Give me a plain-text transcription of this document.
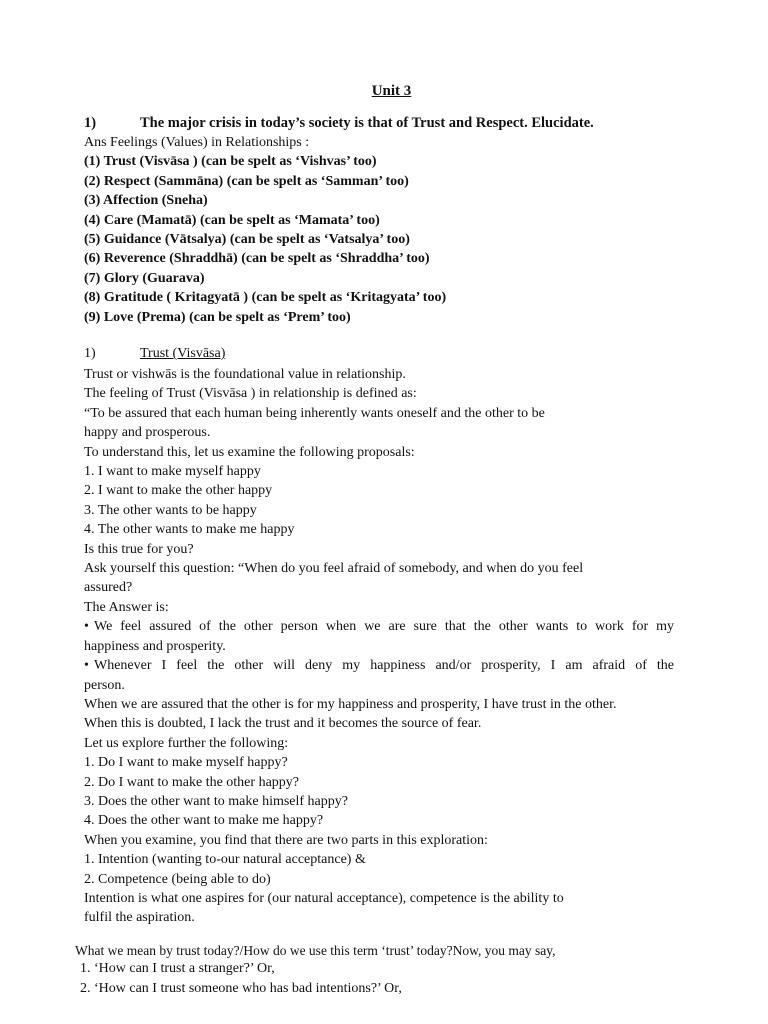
Unit 3
1)	The major crisis in today’s society is that of Trust and Respect. Elucidate.
Ans Feelings (Values) in Relationships :
(1) Trust (Visvāsa ) (can be spelt as ‘Vishvas’ too)
(2) Respect (Sammāna) (can be spelt as ‘Samman’ too)
(3) Affection (Sneha)
(4) Care (Mamatā) (can be spelt as ‘Mamata’ too)
(5) Guidance (Vātsalya) (can be spelt as ‘Vatsalya’ too)
(6) Reverence (Shraddhā) (can be spelt as ‘Shraddha’ too)
(7) Glory (Guarava)
(8) Gratitude ( Kritagyatā ) (can be spelt as ‘Kritagyata’ too)
(9) Love (Prema) (can be spelt as ‘Prem’ too)
1)	Trust (Visvāsa)
Trust or vishwās is the foundational value in relationship.
The feeling of Trust (Visvāsa ) in relationship is defined as:
“To be assured that each human being inherently wants oneself and the other to be
happy and prosperous.
To understand this, let us examine the following proposals:
1. I want to make myself happy
2. I want to make the other happy
3. The other wants to be happy
4. The other wants to make me happy
Is this true for you?
Ask yourself this question: “When do you feel afraid of somebody, and when do you feel
assured?
The Answer is:
• We feel assured of the other person when we are sure that the other wants to work for my
happiness and prosperity.
• Whenever I feel the other will deny my happiness and/or prosperity, I am afraid of the
person.
When we are assured that the other is for my happiness and prosperity, I have trust in the other.
When this is doubted, I lack the trust and it becomes the source of fear.
Let us explore further the following:
1. Do I want to make myself happy?
2. Do I want to make the other happy?
3. Does the other want to make himself happy?
4. Does the other want to make me happy?
When you examine, you find that there are two parts in this exploration:
1. Intention (wanting to-our natural acceptance) &
2. Competence (being able to do)
Intention is what one aspires for (our natural acceptance), competence is the ability to
fulfil the aspiration.
What we mean by trust today?/How do we use this term ‘trust’ today?Now, you may say,
1. ‘How can I trust a stranger?’ Or,
2. ‘How can I trust someone who has bad intentions?’ Or,
